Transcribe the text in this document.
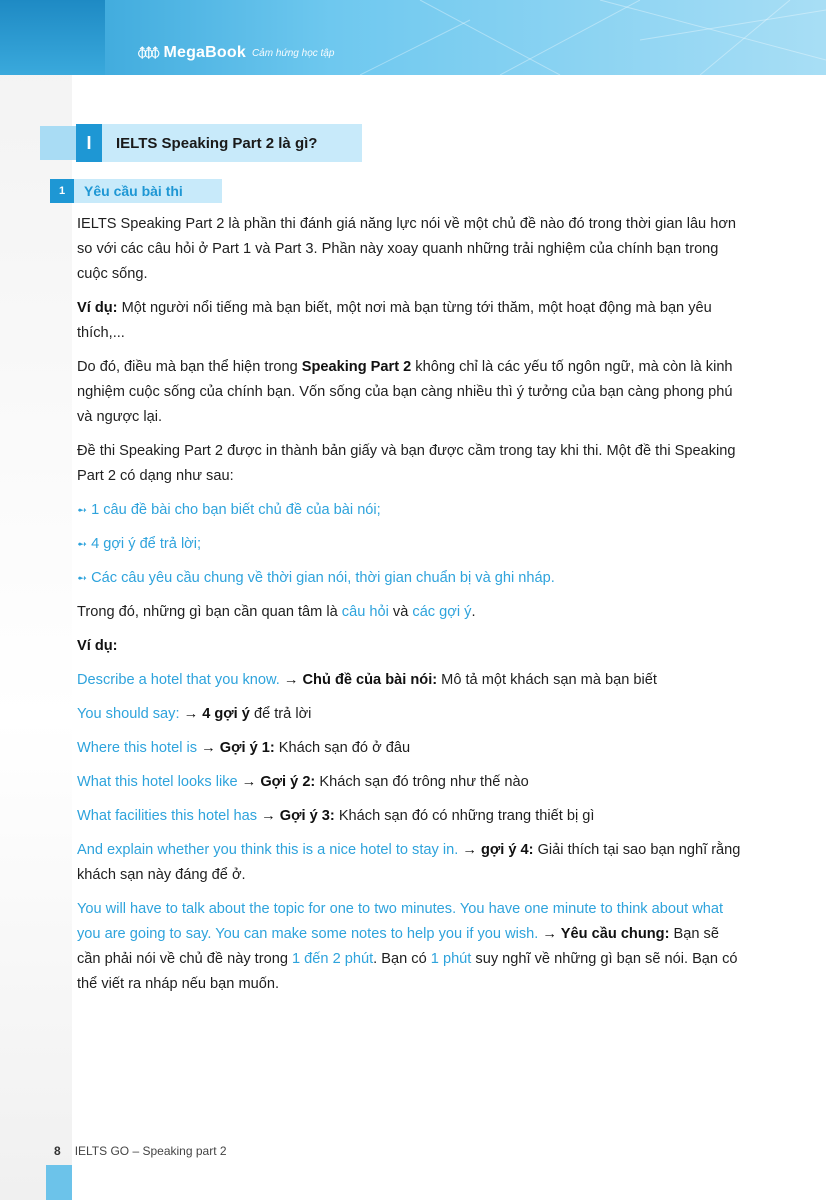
⦽⦽⦽ MegaBook Cảm hứng học tập
I	IELTS Speaking Part 2 là gì?
1	Yêu cầu bài thi

IELTS Speaking Part 2 là phần thi đánh giá năng lực nói về một chủ đề nào đó trong thời gian lâu hơn so với các câu hỏi ở Part 1 và Part 3. Phần này xoay quanh những trải nghiệm của chính bạn trong cuộc sống.

Ví dụ: Một người nổi tiếng mà bạn biết, một nơi mà bạn từng tới thăm, một hoạt động mà bạn yêu thích,...

Do đó, điều mà bạn thể hiện trong Speaking Part 2 không chỉ là các yếu tố ngôn ngữ, mà còn là kinh nghiệm cuộc sống của chính bạn. Vốn sống của bạn càng nhiều thì ý tưởng của bạn càng phong phú và ngược lại.

Đề thi Speaking Part 2 được in thành bản giấy và bạn được cầm trong tay khi thi. Một đề thi Speaking Part 2 có dạng như sau:

➻ 1 câu đề bài cho bạn biết chủ đề của bài nói;
➻ 4 gợi ý để trả lời;
➻ Các câu yêu cầu chung về thời gian nói, thời gian chuẩn bị và ghi nháp.

Trong đó, những gì bạn cần quan tâm là câu hỏi và các gợi ý.

Ví dụ:

Describe a hotel that you know. → Chủ đề của bài nói: Mô tả một khách sạn mà bạn biết
You should say: → 4 gợi ý để trả lời
Where this hotel is → Gợi ý 1: Khách sạn đó ở đâu
What this hotel looks like → Gợi ý 2: Khách sạn đó trông như thế nào
What facilities this hotel has → Gợi ý 3: Khách sạn đó có những trang thiết bị gì
And explain whether you think this is a nice hotel to stay in. → gợi ý 4: Giải thích tại sao bạn nghĩ rằng khách sạn này đáng để ở.

You will have to talk about the topic for one to two minutes. You have one minute to think about what you are going to say. You can make some notes to help you if you wish. → Yêu cầu chung: Bạn sẽ cần phải nói về chủ đề này trong 1 đến 2 phút. Bạn có 1 phút suy nghĩ về những gì bạn sẽ nói. Bạn có thể viết ra nháp nếu bạn muốn.

8 IELTS GO – Speaking part 2
